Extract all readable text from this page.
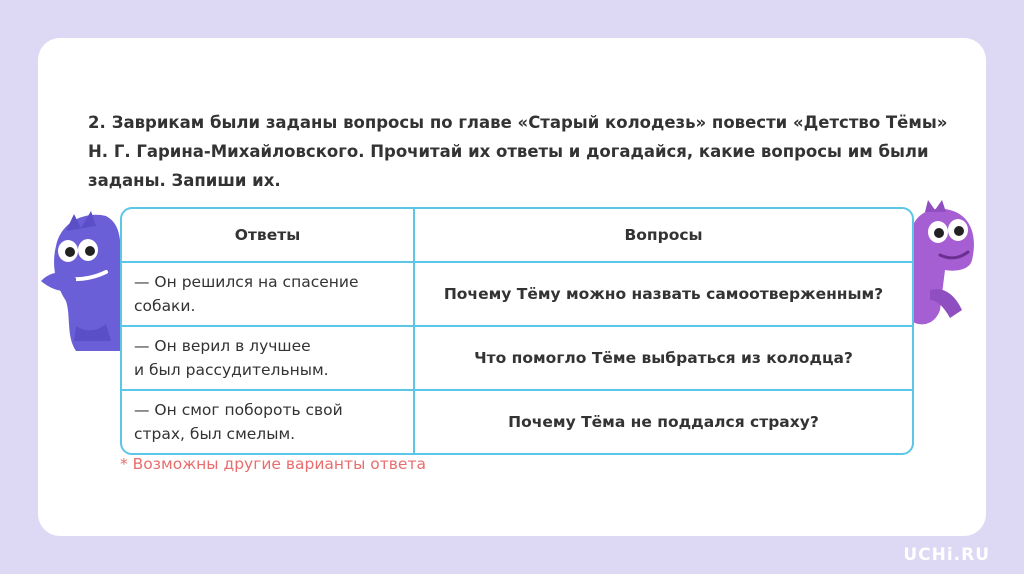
2. Заврикам были заданы вопросы по главе «Старый колодезь» повести «Детство Тёмы» Н. Г. Гарина-Михайловского. Прочитай их ответы и догадайся, какие вопросы им были заданы. Запиши их.
Ответы	Вопросы
— Он решился на спасение
собаки.	Почему Тёму можно назвать самоотверженным?
— Он верил в лучшее
и был рассудительным.	Что помогло Тёме выбраться из колодца?
— Он смог побороть свой
страх, был смелым.	Почему Тёма не поддался страху?
* Возможны другие варианты ответа
UCHi.RU
